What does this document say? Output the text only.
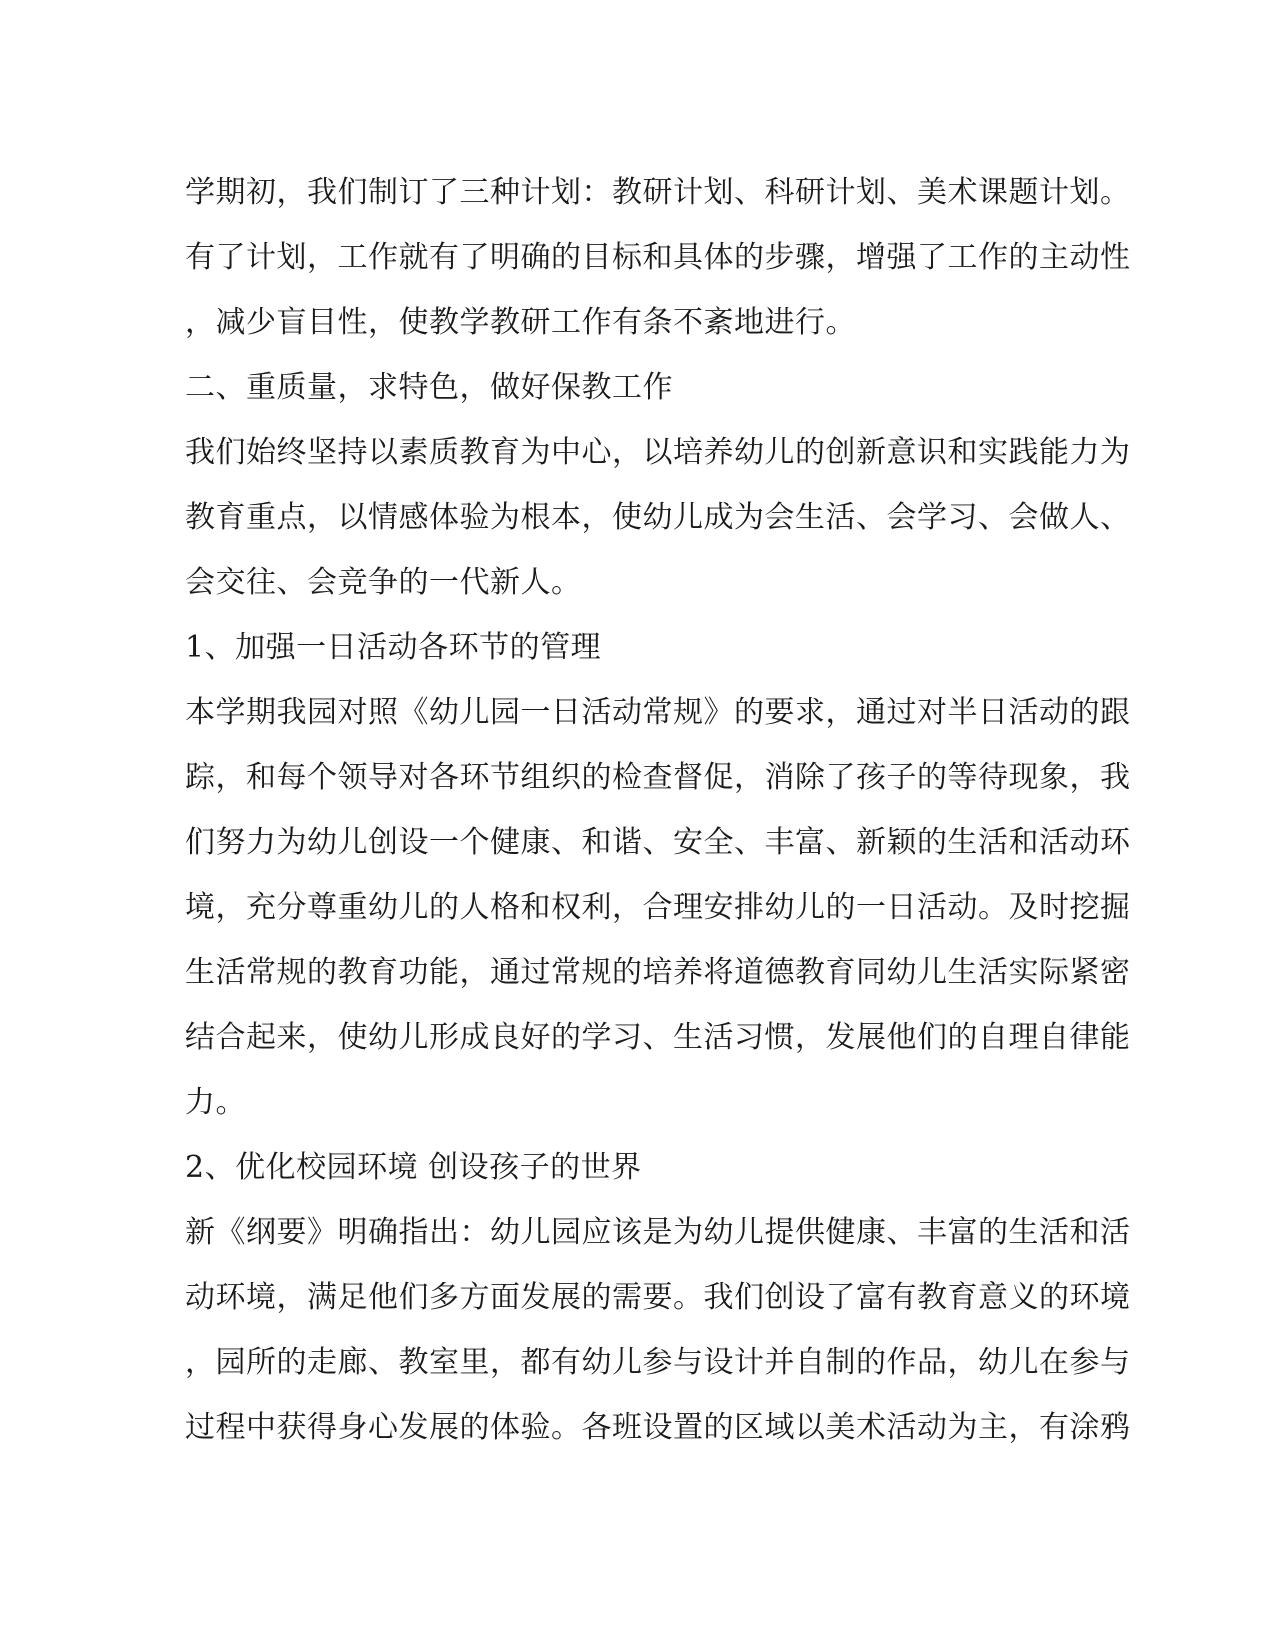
学期初，我们制订了三种计划：教研计划、科研计划、美术课题计划。
有了计划，工作就有了明确的目标和具体的步骤，增强了工作的主动性
，减少盲目性，使教学教研工作有条不紊地进行。
二、重质量，求特色，做好保教工作
我们始终坚持以素质教育为中心，以培养幼儿的创新意识和实践能力为
教育重点，以情感体验为根本，使幼儿成为会生活、会学习、会做人、
会交往、会竞争的一代新人。
1、加强一日活动各环节的管理
本学期我园对照《幼儿园一日活动常规》的要求，通过对半日活动的跟
踪，和每个领导对各环节组织的检查督促，消除了孩子的等待现象，我
们努力为幼儿创设一个健康、和谐、安全、丰富、新颖的生活和活动环
境，充分尊重幼儿的人格和权利，合理安排幼儿的一日活动。及时挖掘
生活常规的教育功能，通过常规的培养将道德教育同幼儿生活实际紧密
结合起来，使幼儿形成良好的学习、生活习惯，发展他们的自理自律能
力。
2、优化校园环境 创设孩子的世界
新《纲要》明确指出：幼儿园应该是为幼儿提供健康、丰富的生活和活
动环境，满足他们多方面发展的需要。我们创设了富有教育意义的环境
，园所的走廊、教室里，都有幼儿参与设计并自制的作品，幼儿在参与
过程中获得身心发展的体验。各班设置的区域以美术活动为主，有涂鸦
